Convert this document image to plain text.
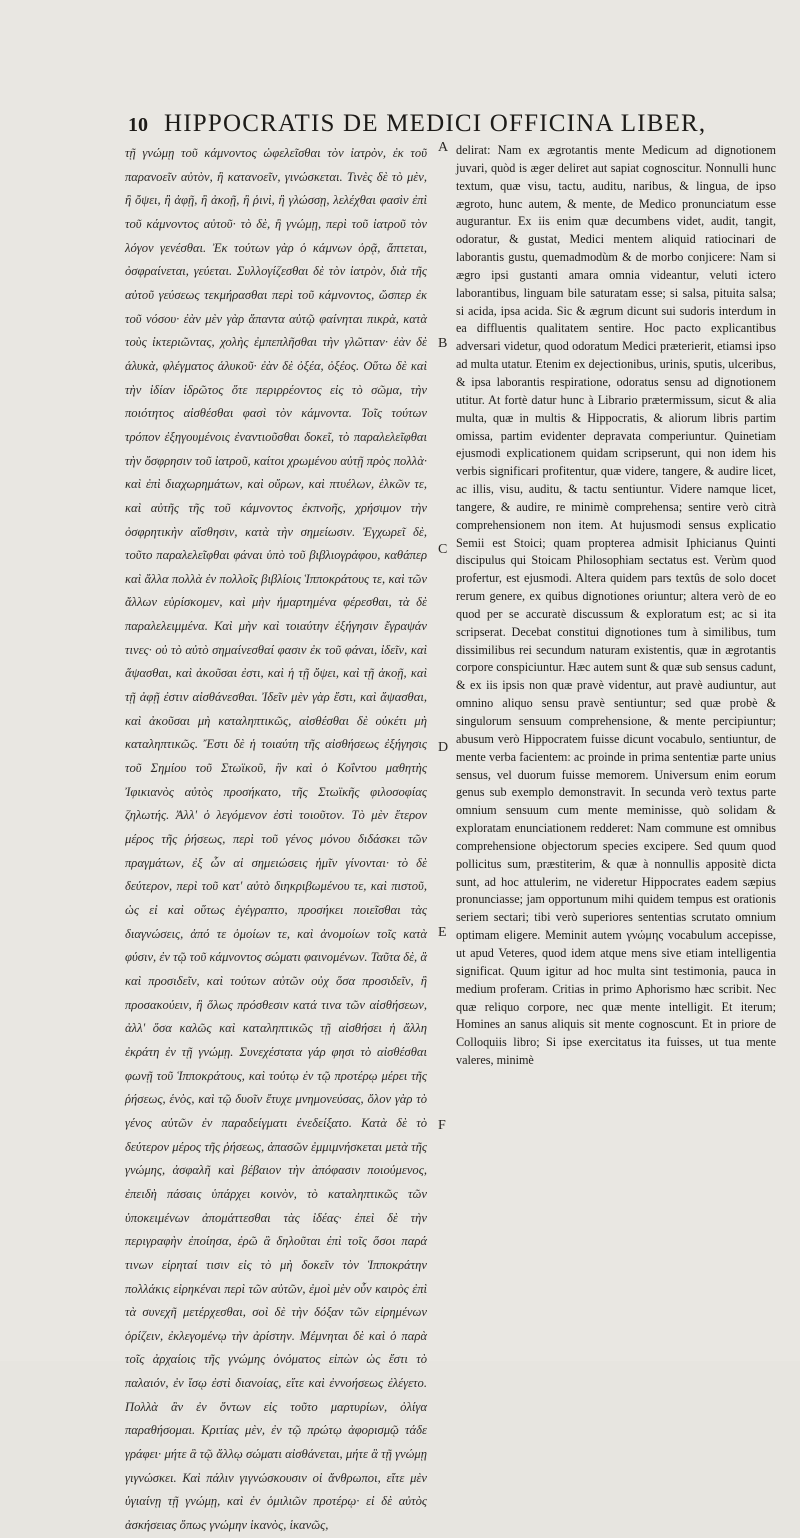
10 HIPPOCRATIS DE MEDICI OFFICINA LIBER,

τῇ γνώμῃ τοῦ κάμνοντος ὠφελεῖσθαι τὸν ἰατρὸν, ἐκ τοῦ παρανοεῖν αὐτὸν, ἢ κατανοεῖν, γινώσκεται. Τινὲς δὲ τὸ μὲν, ἢ ὄψει, ἢ ἀφῇ, ἢ ἀκοῇ, ἢ ῥινὶ, ἢ γλώσσῃ, λελέχθαι φασὶν ἐπὶ τοῦ κάμνοντος αὐτοῦ· τὸ δὲ, ἢ γνώμῃ, περὶ τοῦ ἰατροῦ τὸν λόγον γενέσθαι. Ἐκ τούτων γὰρ ὁ κάμνων ὁρᾷ, ἅπτεται, ὀσφραίνεται, γεύεται. Συλλογίζεσθαι δὲ τὸν ἰατρὸν, διὰ τῆς αὐτοῦ γεύσεως τεκμήρασθαι περὶ τοῦ κάμνοντος, ὥσπερ ἐκ τοῦ νόσου· ἐὰν μὲν γὰρ ἅπαντα αὐτῷ φαίνηται πικρὰ, κατὰ τοὺς ἰκτεριῶντας, χολὴς ἐμπεπλῆσθαι τὴν γλῶτταν· ἐὰν δὲ ἁλυκὰ, φλέγματος ἁλυκοῦ· ἐὰν δὲ ὀξέα, ὀξέος. Οὕτω δὲ καὶ τὴν ἰδίαν ἱδρῶτος ὅτε περιρρέοντος εἰς τὸ σῶμα, τὴν ποιότητος αἰσθέσθαι φασὶ τὸν κάμνοντα. Τοῖς τούτων τρόπον ἐξηγουμένοις ἐναντιοῦσθαι δοκεῖ, τὸ παραλελεῖφθαι τὴν ὄσφρησιν τοῦ ἰατροῦ, καίτοι χρωμένου αὐτῇ πρὸς πολλὰ· καὶ ἐπὶ διαχωρημάτων, καὶ οὔρων, καὶ πτυέλων, ἑλκῶν τε, καὶ αὐτῆς τῆς τοῦ κάμνοντος ἐκπνοῆς, χρήσιμον τὴν ὀσφρητικὴν αἴσθησιν, κατὰ τὴν σημείωσιν. Ἐγχωρεῖ δὲ, τοῦτο παραλελεῖφθαι φάναι ὑπὸ τοῦ βιβλιογράφου, καθάπερ καὶ ἄλλα πολλὰ ἐν πολλοῖς βιβλίοις Ἱπποκράτους τε, καὶ τῶν ἄλλων εὑρίσκομεν, καὶ μὴν ἡμαρτημένα φέρεσθαι, τὰ δὲ παραλελειμμένα. Καὶ μὴν καὶ τοιαύτην ἐξήγησιν ἔγραψάν τινες· οὐ τὸ αὐτὸ σημαίνεσθαί φασιν ἐκ τοῦ φάναι, ἰδεῖν, καὶ ἅψασθαι, καὶ ἀκοῦσαι ἐστι, καὶ ἡ τῇ ὄψει, καὶ τῇ ἀκοῇ, καὶ τῇ ἀφῇ ἐστιν αἰσθάνεσθαι. Ἰδεῖν μὲν γὰρ ἔστι, καὶ ἅψασθαι, καὶ ἀκοῦσαι μὴ καταληπτικῶς, αἰσθέσθαι δὲ οὐκέτι μὴ καταληπτικῶς. Ἔστι δὲ ἡ τοιαύτη τῆς αἰσθήσεως ἐξήγησις τοῦ Σημίου τοῦ Στωϊκοῦ, ἣν καὶ ὁ Κοΐντου μαθητὴς Ἰφικιανὸς αὐτὸς προσήκατο, τῆς Στωϊκῆς φιλοσοφίας ζηλωτής. Ἀλλ' ὁ λεγόμενον ἐστὶ τοιοῦτον. Τὸ μὲν ἕτερον μέρος τῆς ῥήσεως, περὶ τοῦ γένος μόνου διδάσκει τῶν πραγμάτων, ἐξ ὧν αἱ σημειώσεις ἡμῖν γίνονται· τὸ δὲ δεύτερον, περὶ τοῦ κατ' αὐτὸ διηκριβωμένου τε, καὶ πιστοῦ, ὡς εἰ καὶ οὕτως ἐγέγραπτο, προσήκει ποιεῖσθαι τὰς διαγνώσεις, ἀπό τε ὁμοίων τε, καὶ ἀνομοίων τοῖς κατὰ φύσιν, ἐν τῷ τοῦ κάμνοντος σώματι φαινομένων. Ταῦτα δὲ, ἃ καὶ προσιδεῖν, καὶ τούτων αὐτῶν οὐχ ὅσα προσιδεῖν, ἢ προσακούειν, ἢ ὅλως πρόσθεσιν κατά τινα τῶν αἰσθήσεων, ἀλλ' ὅσα καλῶς καὶ καταληπτικῶς τῇ αἰσθήσει ἡ ἄλλη ἐκράτη ἐν τῇ γνώμῃ. Συνεχέστατα γάρ φησι τὸ αἰσθέσθαι φωνῇ τοῦ Ἱπποκράτους, καὶ τούτῳ ἐν τῷ προτέρῳ μέρει τῆς ῥήσεως, ἑνὸς, καὶ τῷ δυοῖν ἔτυχε μνημονεύσας, ὅλον γὰρ τὸ γένος αὐτῶν ἐν παραδείγματι ἐνεδείξατο. Κατὰ δὲ τὸ δεύτερον μέρος τῆς ῥήσεως, ἀπασῶν ἐμμιμνήσκεται μετὰ τῆς γνώμης, ἀσφαλῆ καὶ βέβαιον τὴν ἀπόφασιν ποιούμενος, ἐπειδὴ πάσαις ὑπάρχει κοινὸν, τὸ καταληπτικῶς τῶν ὑποκειμένων ἀπομάττεσθαι τὰς ἰδέας· ἐπεὶ δὲ τὴν περιγραφὴν ἐποίησα, ἐρῶ ἃ δηλοῦται ἐπὶ τοῖς ὅσοι παρά τινων εἰρηταί τισιν εἰς τὸ μὴ δοκεῖν τὸν Ἱπποκράτην πολλάκις εἰρηκέναι περὶ τῶν αὐτῶν, ἐμοὶ μὲν οὖν καιρὸς ἐπὶ τὰ συνεχῆ μετέρχεσθαι, σοὶ δὲ τὴν δόξαν τῶν εἰρημένων ὁρίζειν, ἐκλεγομένῳ τὴν ἀρίστην. Μέμνηται δὲ καὶ ὁ παρὰ τοῖς ἀρχαίοις τῆς γνώμης ὀνόματος εἰπὼν ὡς ἔστι τὸ παλαιόν, ἐν ἴσῳ ἐστὶ διανοίας, εἴτε καὶ ἐννοήσεως ἐλέγετο. Πολλὰ ἂν ἐν ὄντων εἰς τοῦτο μαρτυρίων, ὀλίγα παραθήσομαι. Κριτίας μὲν, ἐν τῷ πρώτῳ ἀφορισμῷ τάδε γράφει· μήτε ἃ τῷ ἄλλῳ σώματι αἰσθάνεται, μήτε ἃ τῇ γνώμῃ γιγνώσκει. Καὶ πάλιν γιγνώσκουσιν οἱ ἄνθρωποι, εἴτε μὲν ὑγιαίνῃ τῇ γνώμῃ, καὶ ἐν ὁμιλιῶν προτέρῳ· εἰ δὲ αὐτὸς ἀσκήσειας ὅπως γνώμην ἱκανὸς, ἱκανῶς,

delirat: Nam ex ægrotantis mente Medicum ad dignotionem juvari, quòd is æger deliret aut sapiat cognoscitur. Nonnulli hunc textum, quæ visu, tactu, auditu, naribus, & lingua, de ipso ægroto, hunc autem, & mente, de Medico pronunciatum esse augurantur. Ex iis enim quæ decumbens videt, audit, tangit, odoratur, & gustat, Medici mentem aliquid ratiocinari de laborantis gustu, quemadmodùm & de morbo conjicere: Nam si ægro ipsi gustanti amara omnia videantur, veluti ictero laborantibus, linguam bile saturatam esse; si salsa, pituita salsa; si acida, ipsa acida. Sic & ægrum dicunt sui sudoris interdum in ea diffluentis qualitatem sentire. Hoc pacto explicantibus adversari videtur, quod odoratum Medici præterierit, etiamsi ipso ad multa utatur. Etenim ex dejectionibus, urinis, sputis, ulceribus, & ipsa laborantis respiratione, odoratus sensu ad dignotionem utitur. At fortè datur hunc à Librario prætermissum, sicut & alia multa, quæ in multis & Hippocratis, & aliorum libris partim omissa, partim evidenter depravata comperiuntur. Quinetiam ejusmodi explicationem quidam scripserunt, qui non idem his verbis significari profitentur, quæ videre, tangere, & audire licet, ac illis, visu, auditu, & tactu sentiuntur. Videre namque licet, tangere, & audire, re minimè comprehensa; sentire verò citrà comprehensionem non item. At hujusmodi sensus explicatio Semii est Stoici; quam propterea admisit Iphicianus Quinti discipulus qui Stoicam Philosophiam sectatus est. Verùm quod profertur, est ejusmodi. Altera quidem pars textûs de solo docet rerum genere, ex quibus dignotiones oriuntur; altera verò de eo quod per se accuratè discussum & exploratum est; ac si ita scripserat. Decebat constitui dignotiones tum à similibus, tum dissimilibus rei secundum naturam existentis, quæ in ægrotantis corpore conspiciuntur. Hæc autem sunt & quæ sub sensus cadunt, & ex iis ipsis non quæ pravè videntur, aut pravè audiuntur, aut omnino aliquo sensu pravè sentiuntur; sed quæ probè & singulorum sensuum comprehensione, & mente percipiuntur; abusum verò Hippocratem fuisse dicunt vocabulo, sentiuntur, de mente verba facientem: ac proinde in prima sententiæ parte unius sensus, vel duorum fuisse memorem. Universum enim eorum genus sub exemplo demonstravit. In secunda verò textus parte omnium sensuum cum mente meminisse, quò solidam & exploratam enunciationem redderet: Nam commune est omnibus comprehensione objectorum species excipere. Sed quum quod pollicitus sum, præstiterim, & quæ à nonnullis appositè dicta sunt, ad hoc attulerim, ne videretur Hippocrates eadem sæpius pronunciasse; jam opportunum mihi quidem tempus est orationis seriem sectari; tibi verò superiores sententias scrutato omnium optimam eligere. Meminit autem γνώμης vocabulum accepisse, ut apud Veteres, quod idem atque mens sive etiam intelligentia significat. Quum igitur ad hoc multa sint testimonia, pauca in medium proferam. Critias in primo Aphorismo hæc scribit. Nec quæ reliquo corpore, nec quæ mente intelligit. Et iterum; Homines an sanus aliquis sit mente cognoscunt. Et in priore de Colloquiis libro; Si ipse exercitatus ita fuisses, ut tua mente valeres, minimè

A
B
C
D
E
F
